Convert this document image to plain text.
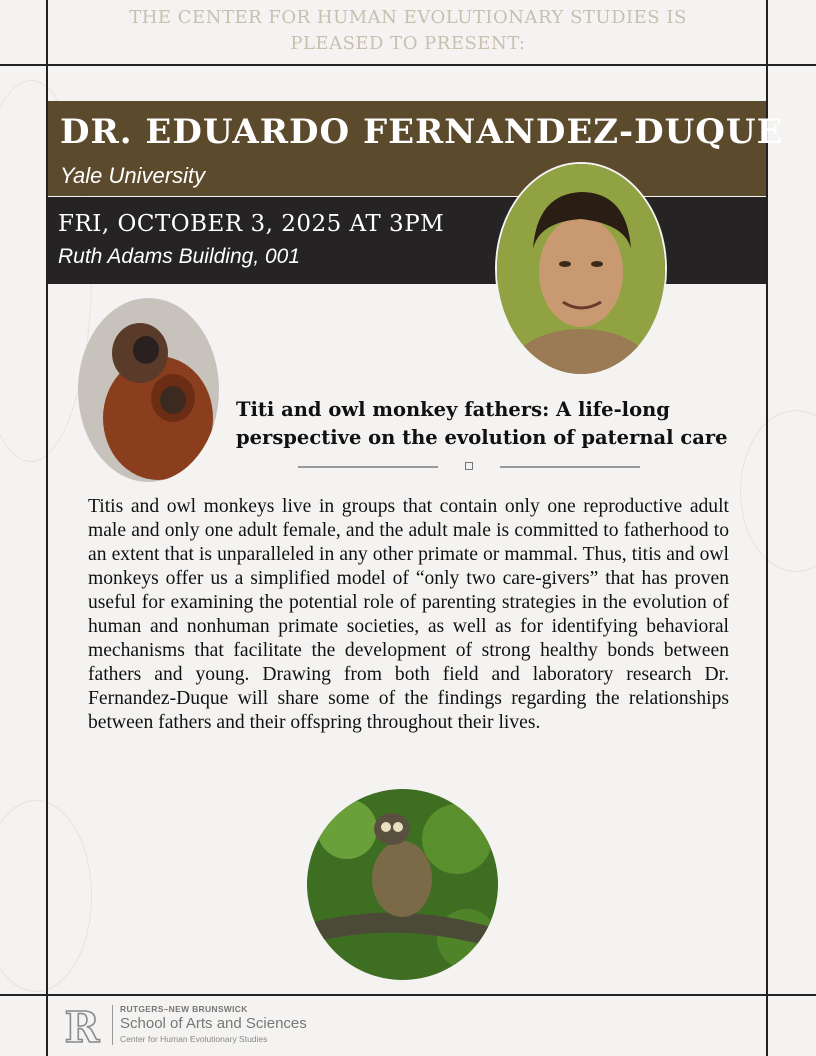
THE CENTER FOR HUMAN EVOLUTIONARY STUDIES IS
PLEASED TO PRESENT:
DR. EDUARDO FERNANDEZ-DUQUE
Yale University
FRI, OCTOBER 3, 2025 AT 3PM
Ruth Adams Building, 001
Titi and owl monkey fathers: A life-long perspective on the evolution of paternal care
Titis and owl monkeys live in groups that contain only one reproductive adult male and only one adult female, and the adult male is committed to fatherhood to an extent that is unparalleled in any other primate or mammal. Thus, titis and owl monkeys offer us a simplified model of “only two care-givers” that has proven useful for examining the potential role of parenting strategies in the evolution of human and nonhuman primate societies, as well as for identifying behavioral mechanisms that facilitate the development of strong healthy bonds between fathers and young. Drawing from both field and laboratory research Dr. Fernandez-Duque will share some of the findings regarding the relationships between fathers and their offspring throughout their lives.
R RUTGERS–NEW BRUNSWICK
School of Arts and Sciences
Center for Human Evolutionary Studies
